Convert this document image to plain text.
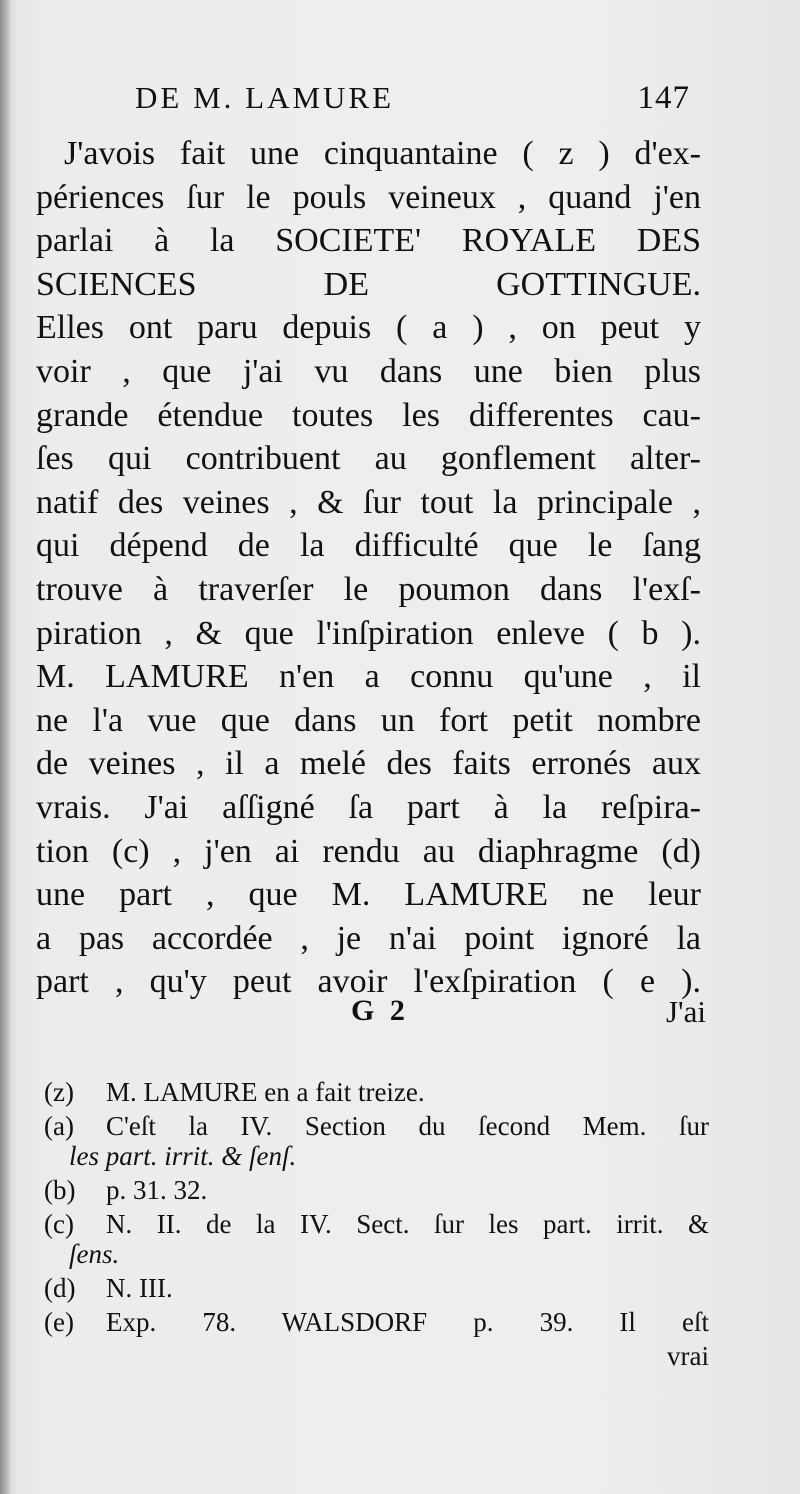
DE M. LAMURE	147
J'avois fait une cinquantaine ( z ) d'ex-
périences ſur le pouls veineux , quand j'en
parlai à la SOCIETE' ROYALE DES
SCIENCES DE GOTTINGUE.
Elles ont paru depuis ( a ) , on peut y
voir , que j'ai vu dans une bien plus
grande étendue toutes les differentes cau-
ſes qui contribuent au gonflement alter-
natif des veines , & ſur tout la principale ,
qui dépend de la difficulté que le ſang
trouve à traverſer le poumon dans l'exſ-
piration , & que l'inſpiration enleve ( b ).
M. LAMURE n'en a connu qu'une , il
ne l'a vue que dans un fort petit nombre
de veines , il a melé des faits erronés aux
vrais. J'ai aſſigné ſa part à la reſpira-
tion (c) , j'en ai rendu au diaphragme (d)
une part , que M. LAMURE ne leur
a pas accordée , je n'ai point ignoré la
part , qu'y peut avoir l'exſpiration ( e ).
G 2	J'ai
(z) M. LAMURE en a fait treize.
(a) C'eſt la IV. Section du ſecond Mem. ſur
les part. irrit. & ſenſ.
(b) p. 31. 32.
(c) N. II. de la IV. Sect. ſur les part. irrit. &
ſens.
(d) N. III.
(e) Exp. 78. WALSDORF p. 39. Il eſt
vrai
